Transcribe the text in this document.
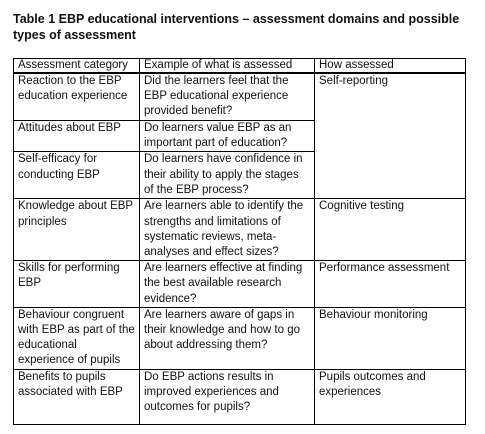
Table 1 EBP educational interventions – assessment domains and possible types of assessment
Assessment category	Example of what is assessed	How assessed
Reaction to the EBP education experience	Did the learners feel that the EBP educational experience provided benefit?	Self-reporting
Attitudes about EBP	Do learners value EBP as an important part of education?	
Self-efficacy for conducting EBP	Do learners have confidence in their ability to apply the stages of the EBP process?	
Knowledge about EBP principles	Are learners able to identify the strengths and limitations of systematic reviews, meta-analyses and effect sizes?	Cognitive testing
Skills for performing EBP	Are learners effective at finding the best available research evidence?	Performance assessment
Behaviour congruent with EBP as part of the educational experience of pupils	Are learners aware of gaps in their knowledge and how to go about addressing them?	Behaviour monitoring
Benefits to pupils associated with EBP	Do EBP actions results in improved experiences and outcomes for pupils?	Pupils outcomes and experiences
